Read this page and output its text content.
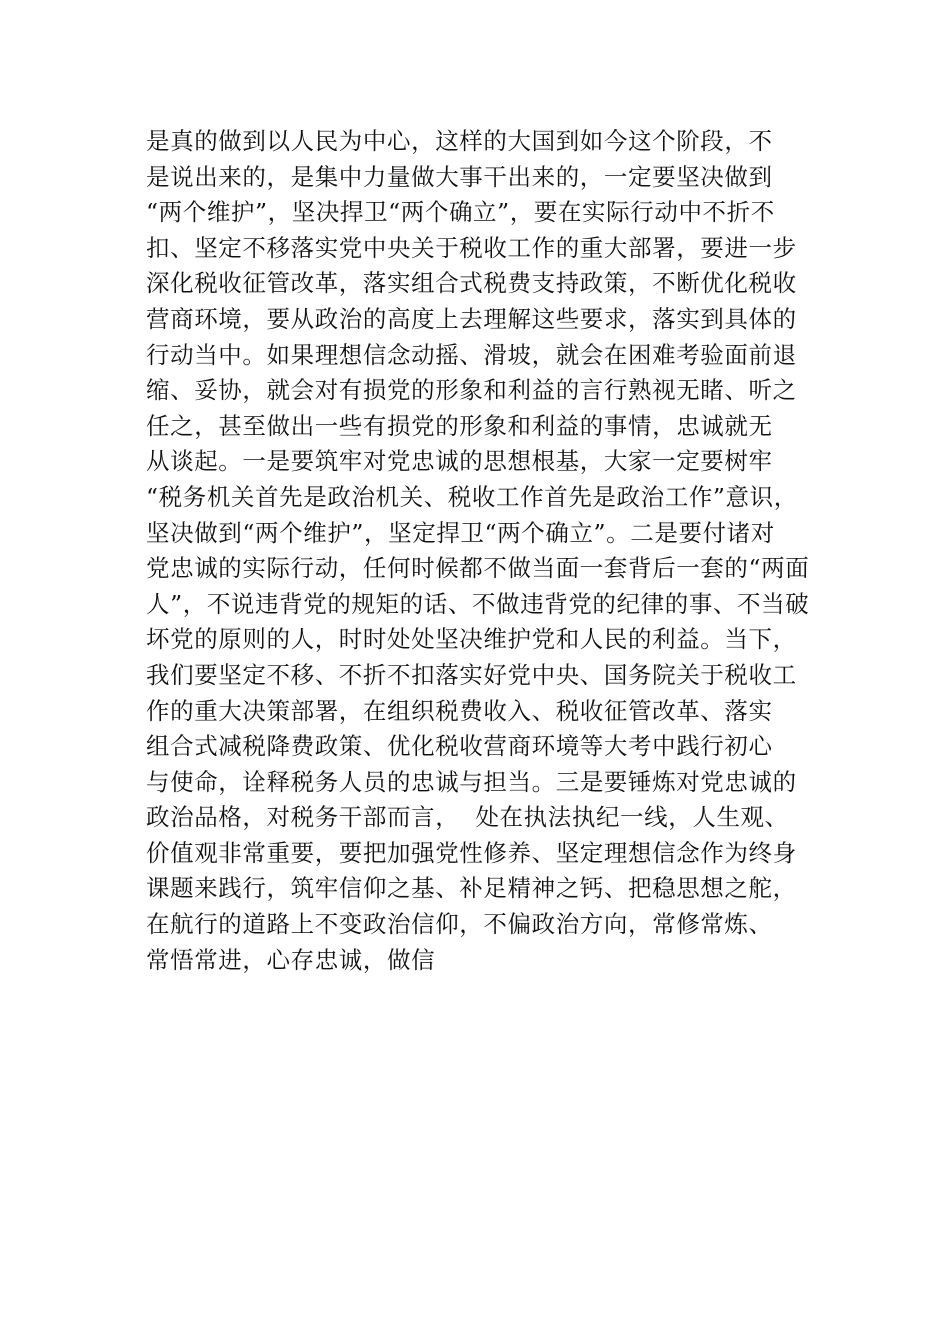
是真的做到以人民为中心，这样的大国到如今这个阶段，不
是说出来的，是集中力量做大事干出来的，一定要坚决做到
“两个维护”，坚决捍卫“两个确立”，要在实际行动中不折不
扣、坚定不移落实党中央关于税收工作的重大部署，要进一步
深化税收征管改革，落实组合式税费支持政策，不断优化税收
营商环境，要从政治的高度上去理解这些要求，落实到具体的
行动当中。如果理想信念动摇、滑坡，就会在困难考验面前退
缩、妥协，就会对有损党的形象和利益的言行熟视无睹、听之
任之，甚至做出一些有损党的形象和利益的事情，忠诚就无
从谈起。一是要筑牢对党忠诚的思想根基，大家一定要树牢
“税务机关首先是政治机关、税收工作首先是政治工作”意识，
坚决做到“两个维护”，坚定捍卫“两个确立”。二是要付诸对
党忠诚的实际行动，任何时候都不做当面一套背后一套的“两面
人”，不说违背党的规矩的话、不做违背党的纪律的事、不当破
坏党的原则的人，时时处处坚决维护党和人民的利益。当下，
我们要坚定不移、不折不扣落实好党中央、国务院关于税收工
作的重大决策部署，在组织税费收入、税收征管改革、落实
组合式减税降费政策、优化税收营商环境等大考中践行初心
与使命，诠释税务人员的忠诚与担当。三是要锤炼对党忠诚的
政治品格，对税务干部而言，  处在执法执纪一线，人生观、
价值观非常重要，要把加强党性修养、坚定理想信念作为终身
课题来践行，筑牢信仰之基、补足精神之钙、把稳思想之舵，
在航行的道路上不变政治信仰，不偏政治方向，常修常炼、
常悟常进，心存忠诚，做信
